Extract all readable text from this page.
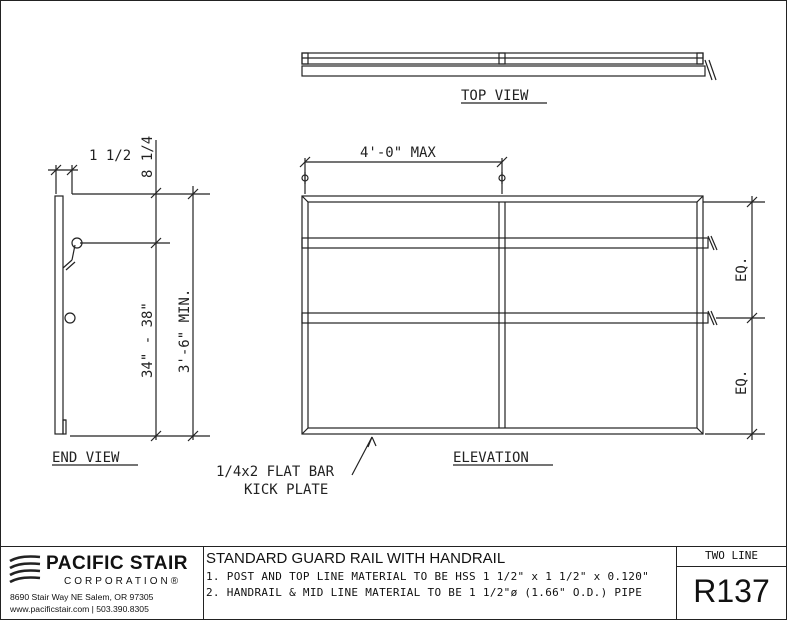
TOP VIEW
END VIEW	ELEVATION
1 1/2 8 1/4
34" - 38" 3'-6" MIN.
4'-0" MAX
EQ.
EQ.
1/4x2 FLAT BAR
KICK PLATE
PACIFIC STAIR
CORPORATION®
8690 Stair Way NE Salem, OR 97305
www.pacificstair.com | 503.390.8305
STANDARD GUARD RAIL WITH HANDRAIL
1. POST AND TOP LINE MATERIAL TO BE HSS 1 1/2" x 1 1/2" x 0.120"
2. HANDRAIL & MID LINE MATERIAL TO BE 1 1/2"ø (1.66" O.D.) PIPE
TWO LINE
R137
